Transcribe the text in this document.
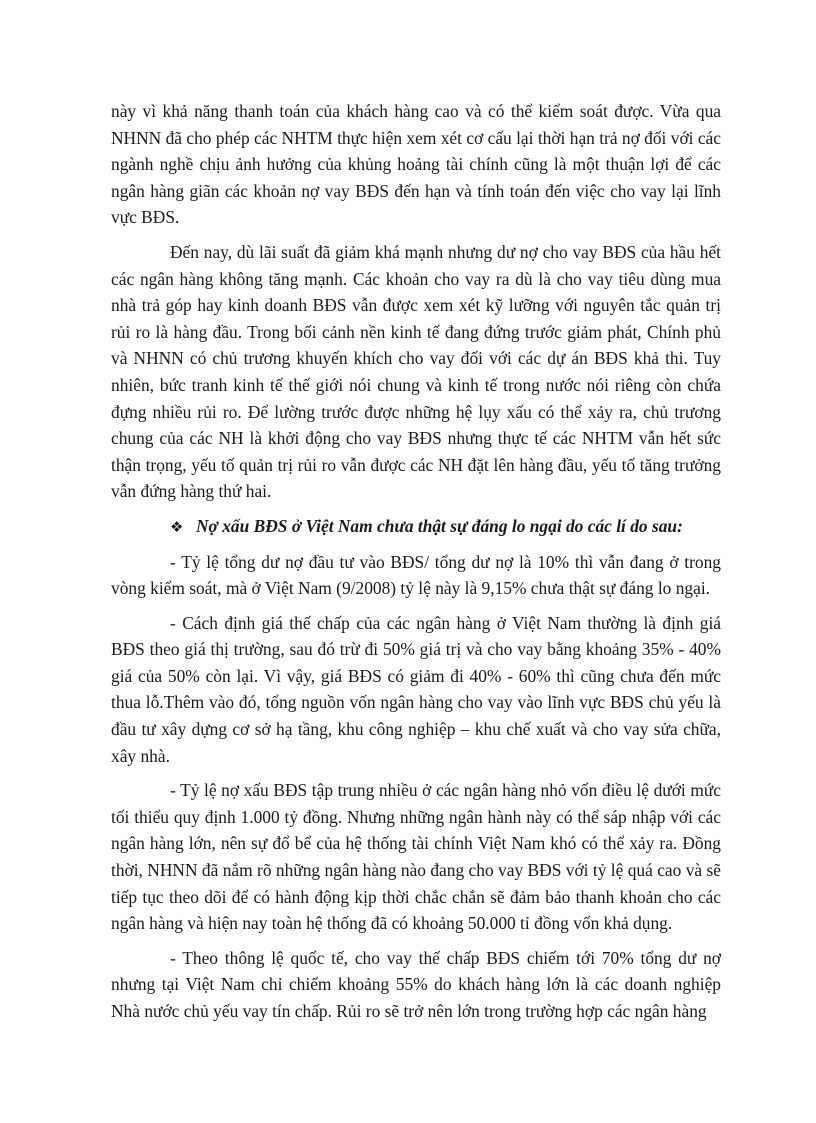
này vì khả năng thanh toán của khách hàng cao và có thể kiểm soát được. Vừa qua NHNN đã cho phép các NHTM thực hiện xem xét cơ cấu lại thời hạn trả nợ đối với các ngành nghề chịu ảnh hưởng của khủng hoảng tài chính cũng là một thuận lợi để các ngân hàng giãn các khoản nợ vay BĐS đến hạn và tính toán đến việc cho vay lại lĩnh vực BĐS.

Đến nay, dù lãi suất đã giảm khá mạnh nhưng dư nợ cho vay BĐS của hầu hết các ngân hàng không tăng mạnh. Các khoản cho vay ra dù là cho vay tiêu dùng mua nhà trả góp hay kinh doanh BĐS vẫn được xem xét kỹ lưỡng với nguyên tắc quản trị rủi ro là hàng đầu. Trong bối cảnh nền kinh tế đang đứng trước giảm phát, Chính phủ và NHNN có chủ trương khuyến khích cho vay đối với các dự án BĐS khả thi. Tuy nhiên, bức tranh kinh tế thế giới nói chung và kinh tế trong nước nói riêng còn chứa đựng nhiều rủi ro. Để lường trước được những hệ lụy xấu có thể xảy ra, chủ trương chung của các NH là khởi động cho vay BĐS nhưng thực tế các NHTM vẫn hết sức thận trọng, yếu tố quản trị rủi ro vẫn được các NH đặt lên hàng đầu, yếu tố tăng trưởng vẫn đứng hàng thứ hai.

❖ Nợ xấu BĐS ở Việt Nam chưa thật sự đáng lo ngại do các lí do sau:

- Tỷ lệ tổng dư nợ đầu tư vào BĐS/ tổng dư nợ là 10% thì vẫn đang ở trong vòng kiểm soát, mà ở Việt Nam (9/2008) tỷ lệ này là 9,15% chưa thật sự đáng lo ngại.

- Cách định giá thế chấp của các ngân hàng ở Việt Nam thường là định giá BĐS theo giá thị trường, sau đó trừ đi 50% giá trị và cho vay bằng khoảng 35% - 40% giá của 50% còn lại. Vì vậy, giá BĐS có giảm đi 40% - 60% thì cũng chưa đến mức thua lỗ.Thêm vào đó, tổng nguồn vốn ngân hàng cho vay vào lĩnh vực BĐS chủ yếu là đầu tư xây dựng cơ sở hạ tầng, khu công nghiệp – khu chế xuất và cho vay sửa chữa, xây nhà.

- Tỷ lệ nợ xấu BĐS tập trung nhiều ở các ngân hàng nhỏ vốn điều lệ dưới mức tối thiểu quy định 1.000 tỷ đồng. Nhưng những ngân hành này có thể sáp nhập với các ngân hàng lớn, nên sự đổ bể của hệ thống tài chính Việt Nam khó có thể xảy ra. Đồng thời, NHNN đã nắm rõ những ngân hàng nào đang cho vay BĐS với tỷ lệ quá cao và sẽ tiếp tục theo dõi để có hành động kịp thời chắc chắn sẽ đảm bảo thanh khoản cho các ngân hàng và hiện nay toàn hệ thống đã có khoảng 50.000 tỉ đồng vốn khả dụng.

- Theo thông lệ quốc tế, cho vay thế chấp BĐS chiếm tới 70% tổng dư nợ nhưng tại Việt Nam chỉ chiếm khoảng 55% do khách hàng lớn là các doanh nghiệp Nhà nước chủ yếu vay tín chấp. Rủi ro sẽ trở nên lớn trong trường hợp các ngân hàng
